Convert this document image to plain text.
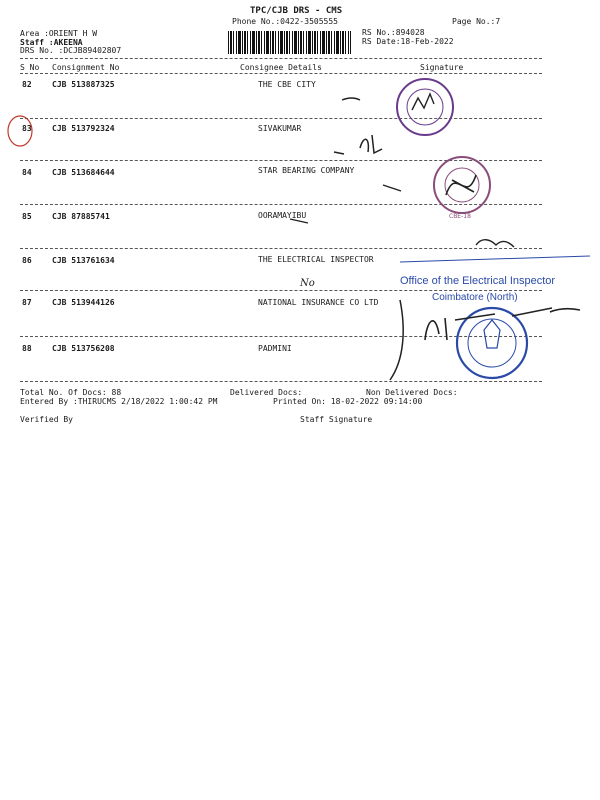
TPC/CJB DRS - CMS
Phone No.:0422-3505555	Page No.:7
Area :ORIENT H W
Staff :AKEENA
DRS No. :DCJB89402807
RS No.:894028
RS Date:18-Feb-2022
S No Consignment No	Consignee Details	Signature
82	CJB 513887325	THE CBE CITY
83	CJB 513792324	SIVAKUMAR
84	CJB 513684644	STAR BEARING COMPANY
85	CJB 87885741	OORAMAYIBU
86	CJB 513761634	THE ELECTRICAL INSPECTOR
87	CJB 513944126	NATIONAL INSURANCE CO LTD
88	CJB 513756208	PADMINI
Total No. Of Docs: 88	Delivered Docs:	Non Delivered Docs:
Entered By :THIRUCMS 2/18/2022 1:00:42 PM	Printed On: 18-02-2022 09:14:00
Verified By	Staff Signature
CBE-18
Office of the Electrical Inspector
Coimbatore (North)
No
